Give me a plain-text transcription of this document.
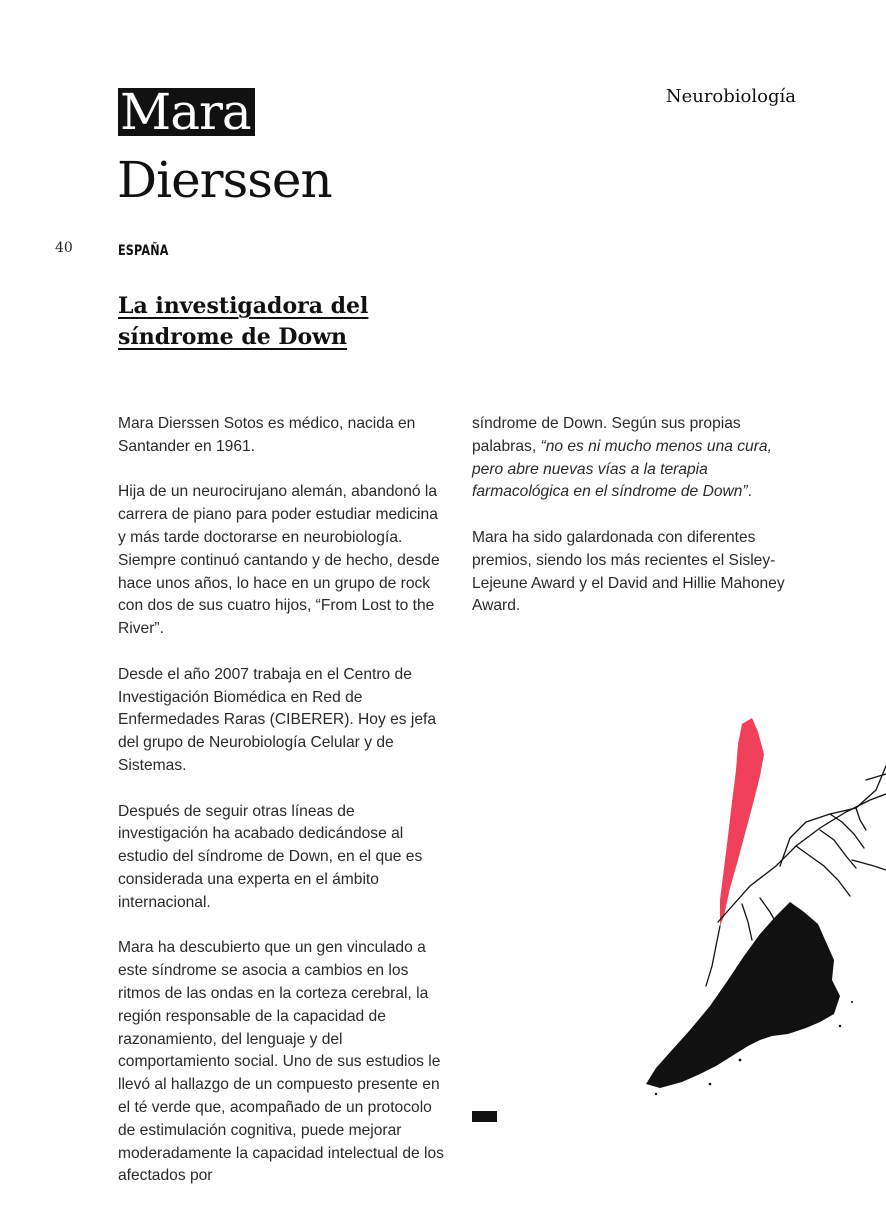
Neurobiología
Mara
Dierssen
40	ESPAÑA
La investigadora del síndrome de Down

Mara Dierssen Sotos es médico, nacida en Santander en 1961.

Hija de un neurocirujano alemán, abandonó la carrera de piano para poder estudiar medicina y más tarde doctorarse en neurobiología. Siempre continuó cantando y de hecho, desde hace unos años, lo hace en un grupo de rock con dos de sus cuatro hijos, “From Lost to the River”.

Desde el año 2007 trabaja en el Centro de Investigación Biomédica en Red de Enfermedades Raras (CIBERER). Hoy es jefa del grupo de Neurobiología Celular y de Sistemas.

Después de seguir otras líneas de investigación ha acabado dedicándose al estudio del síndrome de Down, en el que es considerada una experta en el ámbito internacional.

Mara ha descubierto que un gen vinculado a este síndrome se asocia a cambios en los ritmos de las ondas en la corteza cerebral, la región responsable de la capacidad de razonamiento, del lenguaje y del comportamiento social. Uno de sus estudios le llevó al hallazgo de un compuesto presente en el té verde que, acompañado de un protocolo de estimulación cognitiva, puede mejorar moderadamente la capacidad intelectual de los afectados por

síndrome de Down. Según sus propias palabras, “no es ni mucho menos una cura, pero abre nuevas vías a la terapia farmacológica en el síndrome de Down”.

Mara ha sido galardonada con diferentes premios, siendo los más recientes el Sisley-Lejeune Award y el David and Hillie Mahoney Award.
